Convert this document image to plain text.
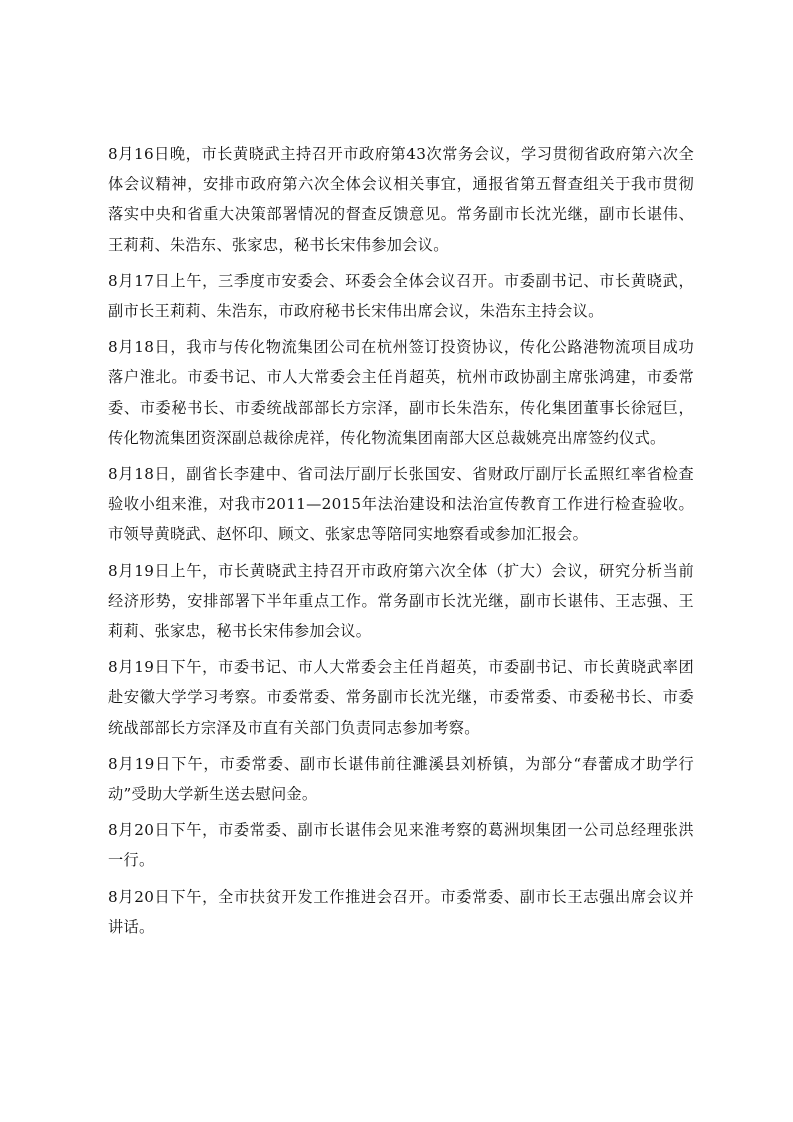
8月16日晚，市长黄晓武主持召开市政府第43次常务会议，学习贯彻省政府第六次全体会议精神，安排市政府第六次全体会议相关事宜，通报省第五督查组关于我市贯彻落实中央和省重大决策部署情况的督查反馈意见。常务副市长沈光继，副市长谌伟、王莉莉、朱浩东、张家忠，秘书长宋伟参加会议。

8月17日上午，三季度市安委会、环委会全体会议召开。市委副书记、市长黄晓武，副市长王莉莉、朱浩东，市政府秘书长宋伟出席会议，朱浩东主持会议。

8月18日，我市与传化物流集团公司在杭州签订投资协议，传化公路港物流项目成功落户淮北。市委书记、市人大常委会主任肖超英，杭州市政协副主席张鸿建，市委常委、市委秘书长、市委统战部部长方宗泽，副市长朱浩东，传化集团董事长徐冠巨，传化物流集团资深副总裁徐虎祥，传化物流集团南部大区总裁姚亮出席签约仪式。

8月18日，副省长李建中、省司法厅副厅长张国安、省财政厅副厅长孟照红率省检查验收小组来淮，对我市2011—2015年法治建设和法治宣传教育工作进行检查验收。市领导黄晓武、赵怀印、顾文、张家忠等陪同实地察看或参加汇报会。

8月19日上午，市长黄晓武主持召开市政府第六次全体（扩大）会议，研究分析当前经济形势，安排部署下半年重点工作。常务副市长沈光继，副市长谌伟、王志强、王莉莉、张家忠，秘书长宋伟参加会议。

8月19日下午，市委书记、市人大常委会主任肖超英，市委副书记、市长黄晓武率团赴安徽大学学习考察。市委常委、常务副市长沈光继，市委常委、市委秘书长、市委统战部部长方宗泽及市直有关部门负责同志参加考察。

8月19日下午，市委常委、副市长谌伟前往濉溪县刘桥镇，为部分“春蕾成才助学行动”受助大学新生送去慰问金。

8月20日下午，市委常委、副市长谌伟会见来淮考察的葛洲坝集团一公司总经理张洪一行。

8月20日下午，全市扶贫开发工作推进会召开。市委常委、副市长王志强出席会议并讲话。
